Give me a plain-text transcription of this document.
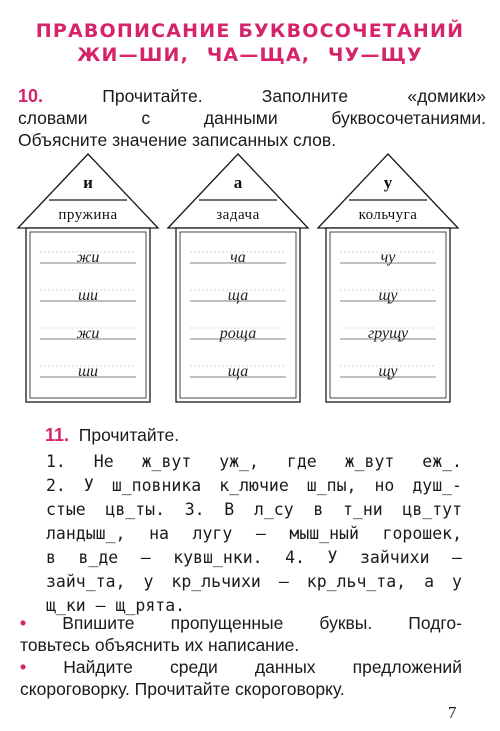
ПРАВОПИСАНИЕ БУКВОСОЧЕТАНИЙ
ЖИ—ШИ, ЧА—ЩА, ЧУ—ЩУ
10.	Прочитайте. Заполните «домики»
словами с данными буквосочетаниями.
Объясните значение записанных слов.
и
пружина
жи
ши
жи
ши
а
задача
ча
ща
роща
ща
у
кольчуга
чу
щу
грущу
щу
11. Прочитайте.
1. Не ж_вут уж_, где ж_вут еж_.
2. У ш_повника к_лючие ш_пы, но душ_-
стые цв_ты. 3. В л_су в т_ни цв_тут
ландыш_, на лугу — мыш_ный горошек,
в в_де — кувш_нки. 4. У зайчихи —
зайч_та, у кр_льчихи — кр_льч_та, а у
щ_ки — щ_рята.
• Впишите пропущенные буквы. Подго-
товьтесь объяснить их написание.
• Найдите среди данных предложений
скороговорку. Прочитайте скороговорку.
7
